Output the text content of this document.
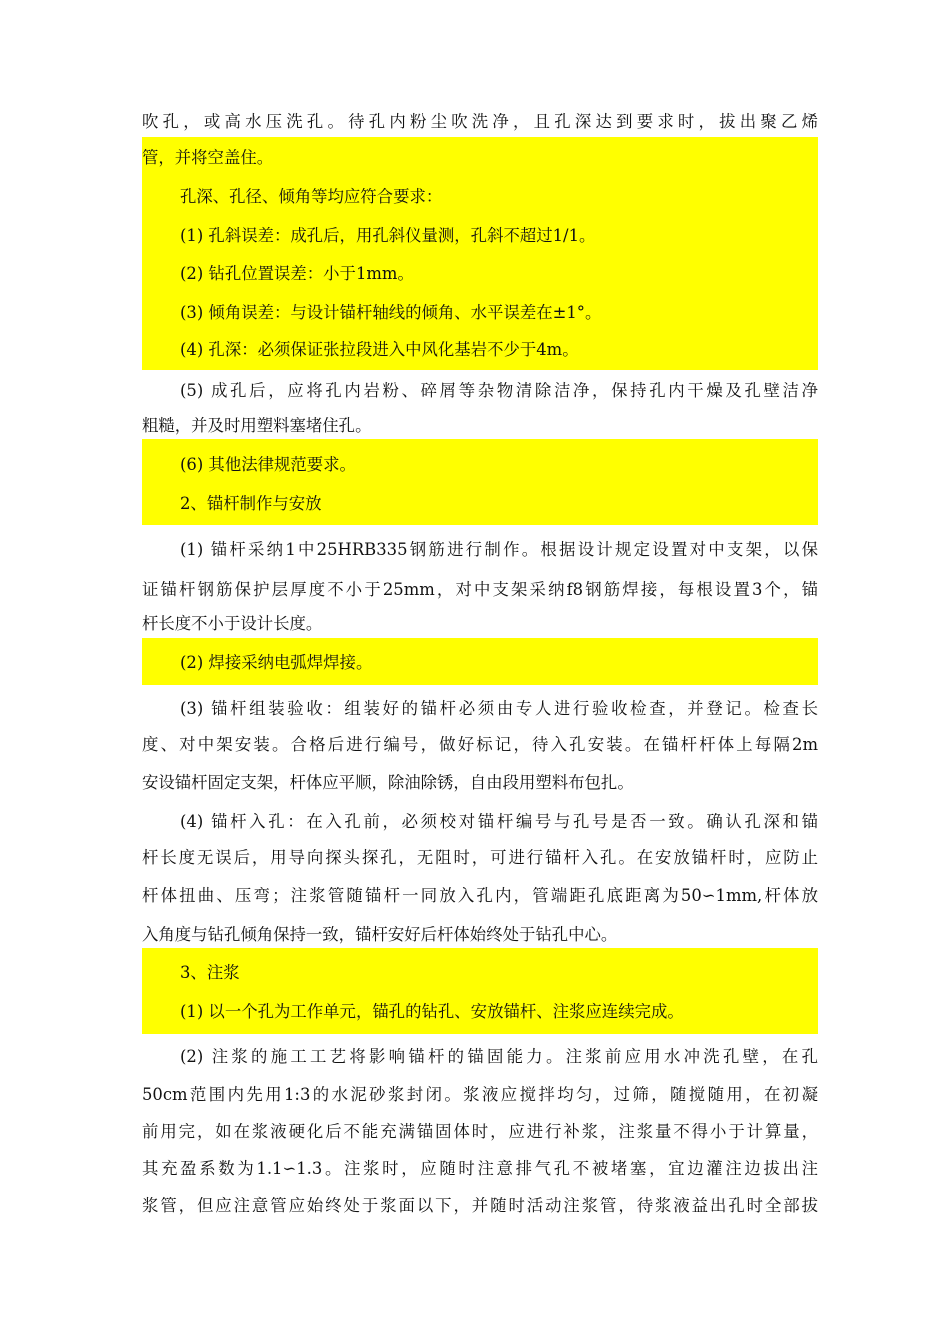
吹孔，或高水压洗孔。待孔内粉尘吹洗净，且孔深达到要求时，拔出聚乙烯
管，并将空盖住。
孔深、孔径、倾角等均应符合要求：
(1) 孔斜误差：成孔后，用孔斜仪量测，孔斜不超过1/1。
(2) 钻孔位置误差：小于1mm。
(3) 倾角误差：与设计锚杆轴线的倾角、水平误差在±1°。
(4) 孔深：必须保证张拉段进入中风化基岩不少于4m。
(5) 成孔后，应将孔内岩粉、碎屑等杂物清除洁净，保持孔内干燥及孔壁洁净
粗糙，并及时用塑料塞堵住孔。
(6) 其他法律规范要求。
2、锚杆制作与安放
(1) 锚杆采纳1中25HRB335钢筋进行制作。根据设计规定设置对中支架，以保
证锚杆钢筋保护层厚度不小于25mm，对中支架采纳f8钢筋焊接，每根设置3个，锚
杆长度不小于设计长度。
(2) 焊接采纳电弧焊焊接。
(3) 锚杆组装验收：组装好的锚杆必须由专人进行验收检查，并登记。检查长
度、对中架安装。合格后进行编号，做好标记，待入孔安装。在锚杆杆体上每隔2m
安设锚杆固定支架，杆体应平顺，除油除锈，自由段用塑料布包扎。
(4) 锚杆入孔：在入孔前，必须校对锚杆编号与孔号是否一致。确认孔深和锚
杆长度无误后，用导向探头探孔，无阻时，可进行锚杆入孔。在安放锚杆时，应防止
杆体扭曲、压弯；注浆管随锚杆一同放入孔内，管端距孔底距离为50∽1mm,杆体放
入角度与钻孔倾角保持一致，锚杆安好后杆体始终处于钻孔中心。
3、注浆
(1) 以一个孔为工作单元，锚孔的钻孔、安放锚杆、注浆应连续完成。
(2) 注浆的施工工艺将影响锚杆的锚固能力。注浆前应用水冲洗孔壁，在孔
50cm范围内先用1:3的水泥砂浆封闭。浆液应搅拌均匀，过筛，随搅随用，在初凝
前用完，如在浆液硬化后不能充满锚固体时，应进行补浆，注浆量不得小于计算量，
其充盈系数为1.1∽1.3。注浆时，应随时注意排气孔不被堵塞，宜边灌注边拔出注
浆管，但应注意管应始终处于浆面以下，并随时活动注浆管，待浆液益出孔时全部拔
